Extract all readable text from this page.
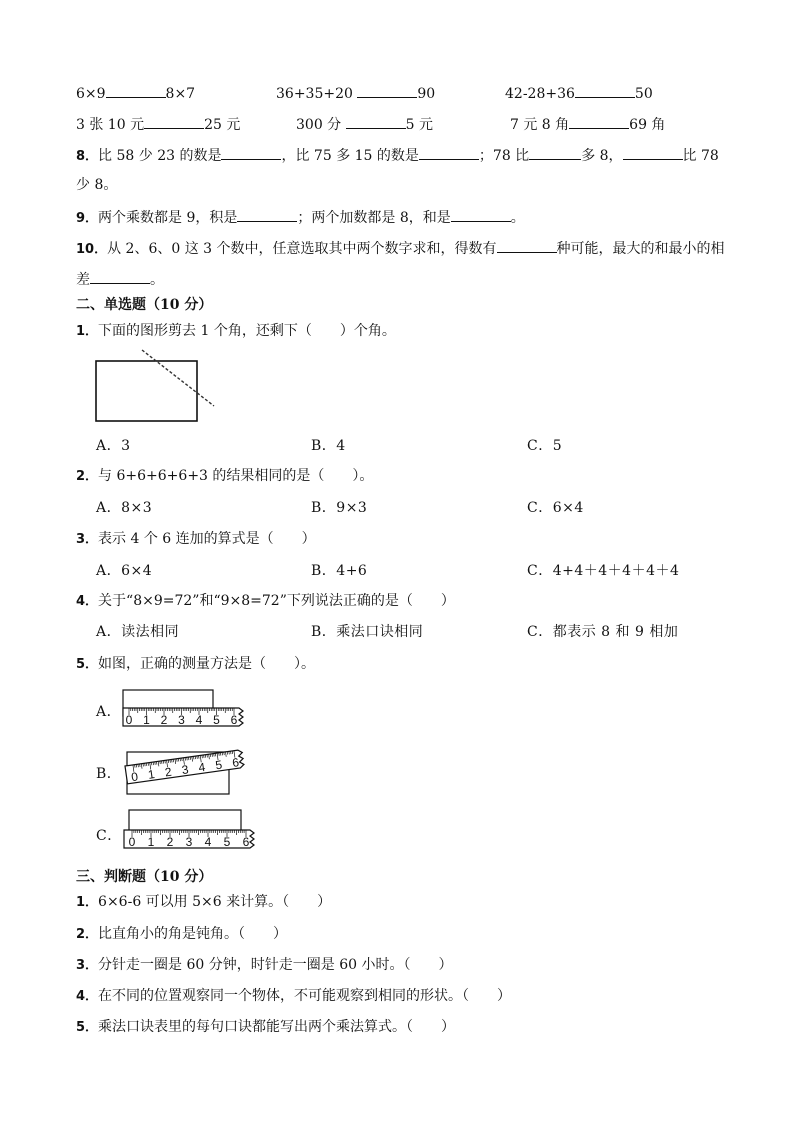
6×9	8×7	36+35+20	90	42-28+36	50
3 张 10 元	25 元	300 分	5 元	7 元 8 角	69 角
8．比 58 少 23 的数是	，比 75 多 15 的数是	；78 比	多 8，	比 78
少 8。
9．两个乘数都是 9，积是	；两个加数都是 8，和是	。
10．从 2、6、0 这 3 个数中，任意选取其中两个数字求和，得数有	种可能，最大的和最小的相
差	。
二、单选题（10 分）
1．下面的图形剪去 1 个角，还剩下（　　）个角。
A．3	B．4	C．5
2．与 6+6+6+6+3 的结果相同的是（　　）。
A．8×3	B．9×3	C．6×4
3．表示 4 个 6 连加的算式是（　　）
A．6×4	B．4+6	C．4+4＋4＋4＋4＋4
4．关于“8×9=72”和“9×8=72”下列说法正确的是（　　）
A．读法相同	B．乘法口诀相同	C．都表示 8 和 9 相加
5．如图，正确的测量方法是（　　）。
A． 0 1 2 3 4 5 6
B． 0 1 2 3 4 5 6
C． 0 1 2 3 4 5 6
三、判断题（10 分）
1．6×6-6 可以用 5×6 来计算。（　　）
2．比直角小的角是钝角。（　　）
3．分针走一圈是 60 分钟，时针走一圈是 60 小时。（　　）
4．在不同的位置观察同一个物体，不可能观察到相同的形状。（　　）
5．乘法口诀表里的每句口诀都能写出两个乘法算式。（　　）
